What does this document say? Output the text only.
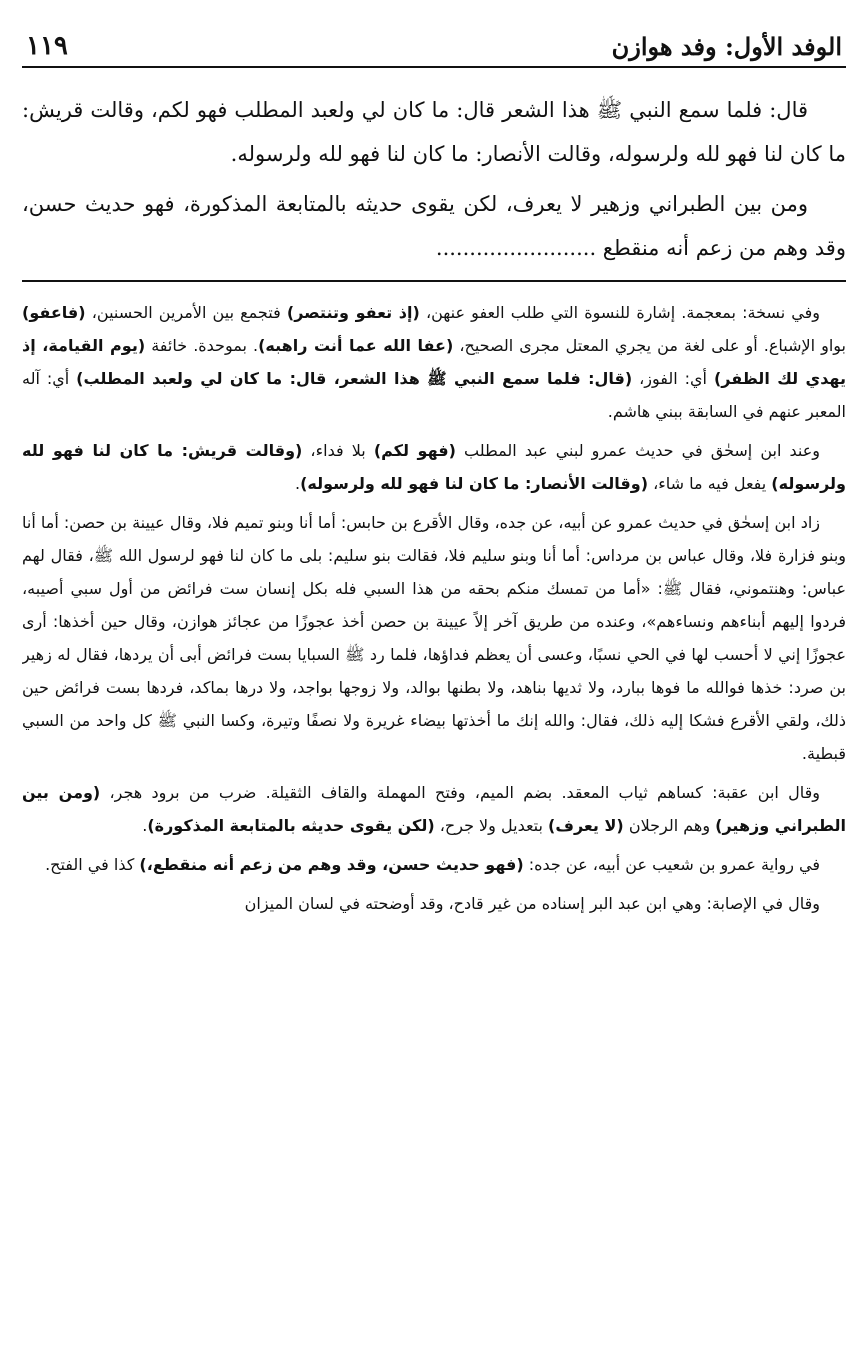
الوفد الأول: وفد هوازن
١١٩

قال: فلما سمع النبي ﷺ هذا الشعر قال: ما كان لي ولعبد المطلب فهو لكم، وقالت قريش: ما كان لنا فهو لله ولرسوله، وقالت الأنصار: ما كان لنا فهو لله ولرسوله.

ومن بين الطبراني وزهير لا يعرف، لكن يقوى حديثه بالمتابعة المذكورة، فهو حديث حسن، وقد وهم من زعم أنه منقطع ........................

وفي نسخة: بمعجمة. إشارة للنسوة التي طلب العفو عنهن، (إذ تعفو وتنتصر) فتجمع بين الأمرين الحسنين، (فاعفو) بواو الإشباع. أو على لغة من يجري المعتل مجرى الصحيح، (عفا الله عما أنت راهبه). بموحدة. خائفة (يوم القيامة، إذ يهدي لك الظفر) أي: الفوز، (قال: فلما سمع النبي ﷺ هذا الشعر، قال: ما كان لي ولعبد المطلب) أي: آله المعبر عنهم في السابقة ببني هاشم.

وعند ابن إسحٰق في حديث عمرو لبني عبد المطلب (فهو لكم) بلا فداء، (وقالت قريش: ما كان لنا فهو لله ولرسوله) يفعل فيه ما شاء، (وقالت الأنصار: ما كان لنا فهو لله ولرسوله).

زاد ابن إسحٰق في حديث عمرو عن أبيه، عن جده، وقال الأقرع بن حابس: أما أنا وبنو تميم فلا، وقال عيينة بن حصن: أما أنا وبنو فزارة فلا، وقال عباس بن مرداس: أما أنا وبنو سليم فلا، فقالت بنو سليم: بلى ما كان لنا فهو لرسول الله ﷺ، فقال لهم عباس: وهنتموني، فقال ﷺ: «أما من تمسك منكم بحقه من هذا السبي فله بكل إنسان ست فرائض من أول سبي أصيبه، فردوا إليهم أبناءهم ونساءهم»، وعنده من طريق آخر إلاً عيينة بن حصن أخذ عجوزًا من عجائز هوازن، وقال حين أخذها: أرى عجوزًا إني لا أحسب لها في الحي نسبًا، وعسى أن يعظم فداؤها، فلما رد ﷺ السبايا بست فرائض أبى أن يردها، فقال له زهير بن صرد: خذها فوالله ما فوها ببارد، ولا ثديها بناهد، ولا بطنها بوالد، ولا زوجها بواجد، ولا درها بماكد، فردها بست فرائض حين ذلك، ولقي الأقرع فشكا إليه ذلك، فقال: والله إنك ما أخذتها بيضاء غريرة ولا نصفًا وتيرة، وكسا النبي ﷺ كل واحد من السبي قبطية.

وقال ابن عقبة: كساهم ثياب المعقد. بضم الميم، وفتح المهملة والقاف الثقيلة. ضرب من برود هجر، (ومن بين الطبراني وزهير) وهم الرجلان (لا يعرف) بتعديل ولا جرح، (لكن يقوى حديثه بالمتابعة المذكورة).

في رواية عمرو بن شعيب عن أبيه، عن جده: (فهو حديث حسن، وقد وهم من زعم أنه منقطع،) كذا في الفتح.

وقال في الإصابة: وهي ابن عبد البر إسناده من غير قادح، وقد أوضحته في لسان الميزان
